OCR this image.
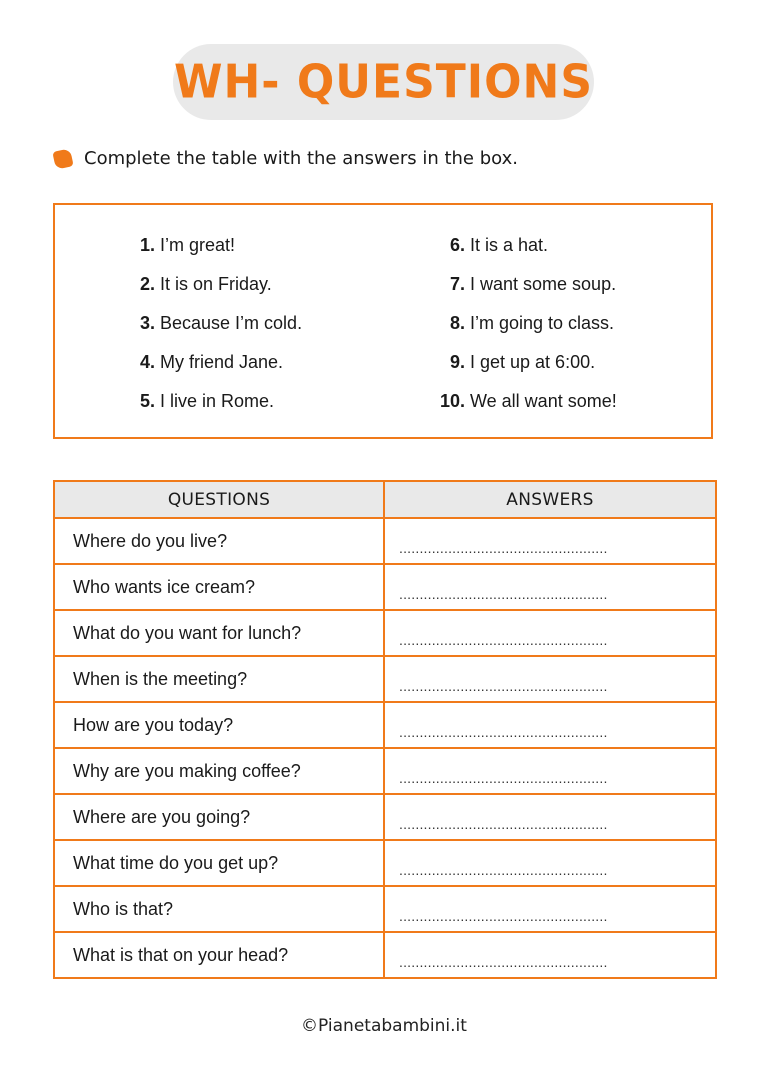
WH- QUESTIONS
Complete the table with the answers in the box.
1. I’m great!
2. It is on Friday.
3. Because I’m cold.
4. My friend Jane.
5. I live in Rome.
6. It is a hat.
7. I want some soup.
8. I’m going to class.
9. I get up at 6:00.
10. We all want some!
QUESTIONS	ANSWERS
Where do you live?	...................................................
Who wants ice cream?	...................................................
What do you want for lunch?	...................................................
When is the meeting?	...................................................
How are you today?	...................................................
Why are you making coffee?	...................................................
Where are you going?	...................................................
What time do you get up?	...................................................
Who is that?	...................................................
What is that on your head?	...................................................
©Pianetabambini.it
